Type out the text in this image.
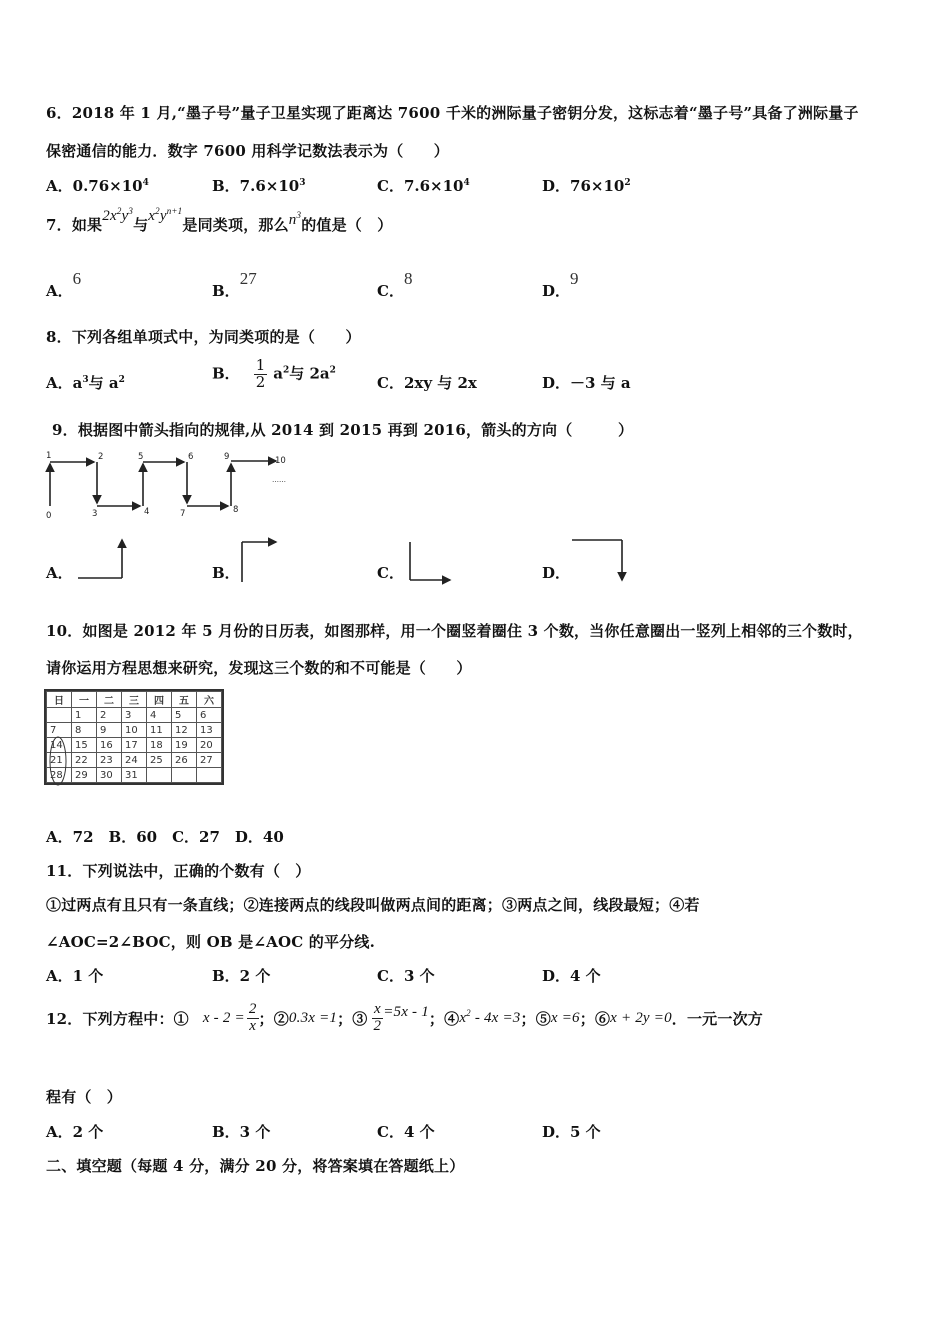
6．2018 年 1 月,“墨子号”量子卫星实现了距离达 7600 千米的洲际量子密钥分发，这标志着“墨子号”具备了洲际量子
保密通信的能力．数字 7600 用科学记数法表示为（　　）
A．$0.76\times 10^4$	B．$7.6\times 10^3$	C．$7.6\times 10^4$	D．$76\times 10^2$
7．如果$2x^2y^3$与$x^2y^{n+1}$是同类项，那么$n^3$的值是（　）
A．6
B．27
C．8
D．9
8．下列各组单项式中，为同类项的是（　　）
A．$a^3$与 $a^2$	B． $\frac{1}{2} a^2$与 $2a^2$
C．2xy 与 2x	D．－3 与 a
9．根据图中箭头指向的规律,从 2014 到 2015 再到 2016，箭头的方向（　　　）
0
1	2
3	4
5	6
7	8
9	10
……
A．	B．	C．	D．
10．如图是 2012 年 5 月份的日历表，如图那样，用一个圈竖着圈住 3 个数，当你任意圈出一竖列上相邻的三个数时，
请你运用方程思想来研究，发现这三个数的和不可能是（　　）
日	一	二	三	四	五	六
	1	2	3	4	5	6
7	8	9	10	11	12	13
14	15	16	17	18	19	20
21	22	23	24	25	26	27
28	29	30	31			
A．72　B．60　C．27　D．40
11．下列说法中，正确的个数有（　）
①过两点有且只有一条直线；②连接两点的线段叫做两点间的距离；③两点之间，线段最短；④若
∠AOC=2∠BOC，则 OB 是∠AOC 的平分线.
A．1 个	B．2 个	C．3 个	D．4 个
12．下列方程中：① $x - 2 = \frac{2}{x}$ ；② 0.3x =1 ；③ $\frac{x}{2} =5x - 1$ ；④ $x^2 - 4x =3$ ；⑤ x =6 ；⑥ x + 2y =0 ．一元一次方
程有（　）
A．2 个	B．3 个	C．4 个	D．5 个
二、填空题（每题 4 分，满分 20 分，将答案填在答题纸上）
